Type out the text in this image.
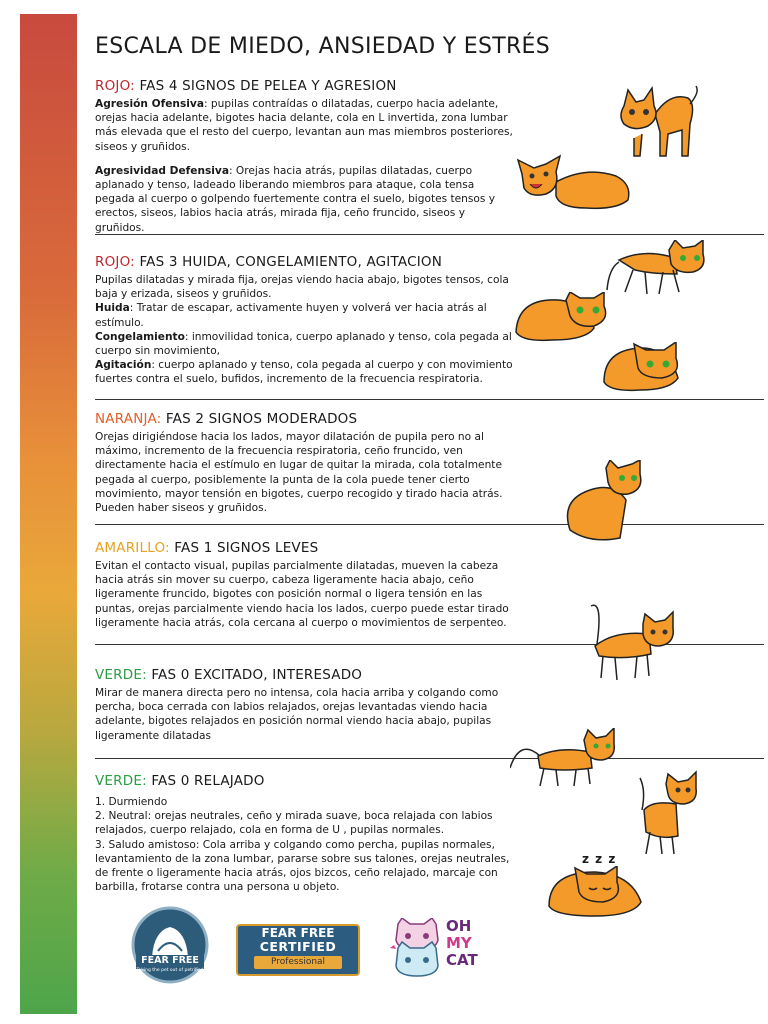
ESCALA DE MIEDO, ANSIEDAD Y ESTRÉS
ROJO: FAS 4 SIGNOS DE PELEA Y AGRESION

Agresión Ofensiva: pupilas contraídas o dilatadas, cuerpo hacia adelante, orejas hacia adelante, bigotes hacia delante, cola en L invertida, zona lumbar más elevada que el resto del cuerpo, levantan aun mas miembros posteriores, siseos y gruñidos.

Agresividad Defensiva: Orejas hacia atrás, pupilas dilatadas, cuerpo aplanado y tenso, ladeado liberando miembros para ataque, cola tensa pegada al cuerpo o golpendo fuertemente contra el suelo, bigotes tensos y erectos, siseos, labios hacia atrás, mirada fija, ceño fruncido, siseos y gruñidos.

ROJO: FAS 3 HUIDA, CONGELAMIENTO, AGITACION

Pupilas dilatadas y mirada fija, orejas viendo hacia abajo, bigotes tensos, cola baja y erizada, siseos y gruñidos.

Huida: Tratar de escapar, activamente huyen y volverá ver hacia atrás al estímulo.

Congelamiento: inmovilidad tonica, cuerpo aplanado y tenso, cola pegada al cuerpo sin movimiento,

Agitación: cuerpo aplanado y tenso, cola pegada al cuerpo y con movimiento fuertes contra el suelo, bufidos, incremento de la frecuencia respiratoria.

NARANJA: FAS 2 SIGNOS MODERADOS

Orejas dirigiéndose hacia los lados, mayor dilatación de pupila pero no al máximo, incremento de la frecuencia respiratoria, ceño fruncido, ven directamente hacia el estímulo en lugar de quitar la mirada, cola totalmente pegada al cuerpo, posiblemente la punta de la cola puede tener cierto movimiento, mayor tensión en bigotes, cuerpo recogido y tirado hacia atrás. Pueden haber siseos y gruñidos.

AMARILLO: FAS 1 SIGNOS LEVES

Evitan el contacto visual, pupilas parcialmente dilatadas, mueven la cabeza hacia atrás sin mover su cuerpo, cabeza ligeramente hacia abajo, ceño ligeramente fruncido, bigotes con posición normal o ligera tensión en las puntas, orejas parcialmente viendo hacia los lados, cuerpo puede estar tirado ligeramente hacia atrás, cola cercana al cuerpo o movimientos de serpenteo.

VERDE: FAS 0 EXCITADO, INTERESADO

Mirar de manera directa pero no intensa, cola hacia arriba y colgando como percha, boca cerrada con labios relajados, orejas levantadas viendo hacia adelante, bigotes relajados en posición normal viendo hacia abajo, pupilas ligeramente dilatadas

VERDE: FAS 0 RELAJADO

1. Durmiendo

2. Neutral: orejas neutrales, ceño y mirada suave, boca relajada con labios relajados, cuerpo relajado, cola en forma de U , pupilas normales.

3. Saludo amistoso: Cola arriba y colgando como percha, pupilas normales, levantamiento de la zona lumbar, pararse sobre sus talones, orejas neutrales, de frente o ligeramente hacia atrás, ojos bizcos, ceño relajado, marcaje con barbilla, frotarse contra una persona u objeto.

z z z
FEAR FREE
Taking the pet out of petrified
FEAR FREE
CERTIFIED
Professional
OH
MY
CAT
